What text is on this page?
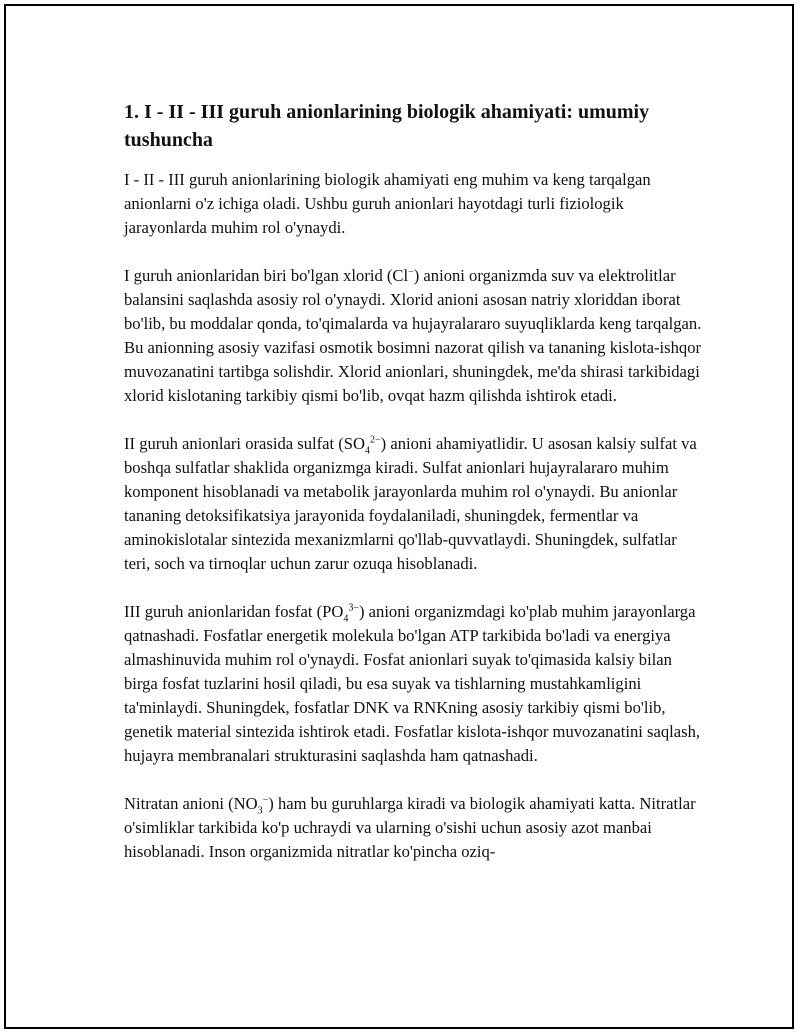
1. I - II - III guruh anionlarining biologik ahamiyati: umumiy tushuncha

I - II - III guruh anionlarining biologik ahamiyati eng muhim va keng tarqalgan anionlarni o'z ichiga oladi. Ushbu guruh anionlari hayotdagi turli fiziologik jarayonlarda muhim rol o'ynaydi.

I guruh anionlaridan biri bo'lgan xlorid (Cl−) anioni organizmda suv va elektrolitlar balansini saqlashda asosiy rol o'ynaydi. Xlorid anioni asosan natriy xloriddan iborat bo'lib, bu moddalar qonda, to'qimalarda va hujayralararo suyuqliklarda keng tarqalgan. Bu anionning asosiy vazifasi osmotik bosimni nazorat qilish va tananing kislota-ishqor muvozanatini tartibga solishdir. Xlorid anionlari, shuningdek, me'da shirasi tarkibidagi xlorid kislotaning tarkibiy qismi bo'lib, ovqat hazm qilishda ishtirok etadi.

II guruh anionlari orasida sulfat $(SO_4^{2-})$ anioni ahamiyatlidir. U asosan kalsiy sulfat va boshqa sulfatlar shaklida organizmga kiradi. Sulfat anionlari hujayralararo muhim komponent hisoblanadi va metabolik jarayonlarda muhim rol o'ynaydi. Bu anionlar tananing detoksifikatsiya jarayonida foydalaniladi, shuningdek, fermentlar va aminokislotalar sintezida mexanizmlarni qo'llab-quvvatlaydi. Shuningdek, sulfatlar teri, soch va tirnoqlar uchun zarur ozuqa hisoblanadi.

III guruh anionlaridan fosfat $(PO_4^{3-})$ anioni organizmdagi ko'plab muhim jarayonlarga qatnashadi. Fosfatlar energetik molekula bo'lgan ATP tarkibida bo'ladi va energiya almashinuvida muhim rol o'ynaydi. Fosfat anionlari suyak to'qimasida kalsiy bilan birga fosfat tuzlarini hosil qiladi, bu esa suyak va tishlarning mustahkamligini ta'minlaydi. Shuningdek, fosfatlar DNK va RNKning asosiy tarkibiy qismi bo'lib, genetik material sintezida ishtirok etadi. Fosfatlar kislota-ishqor muvozanatini saqlash, hujayra membranalari strukturasini saqlashda ham qatnashadi.

Nitratan anioni $(NO_3^-)$ ham bu guruhlarga kiradi va biologik ahamiyati katta. Nitratlar o'simliklar tarkibida ko'p uchraydi va ularning o'sishi uchun asosiy azot manbai hisoblanadi. Inson organizmida nitratlar ko'pincha oziq-
